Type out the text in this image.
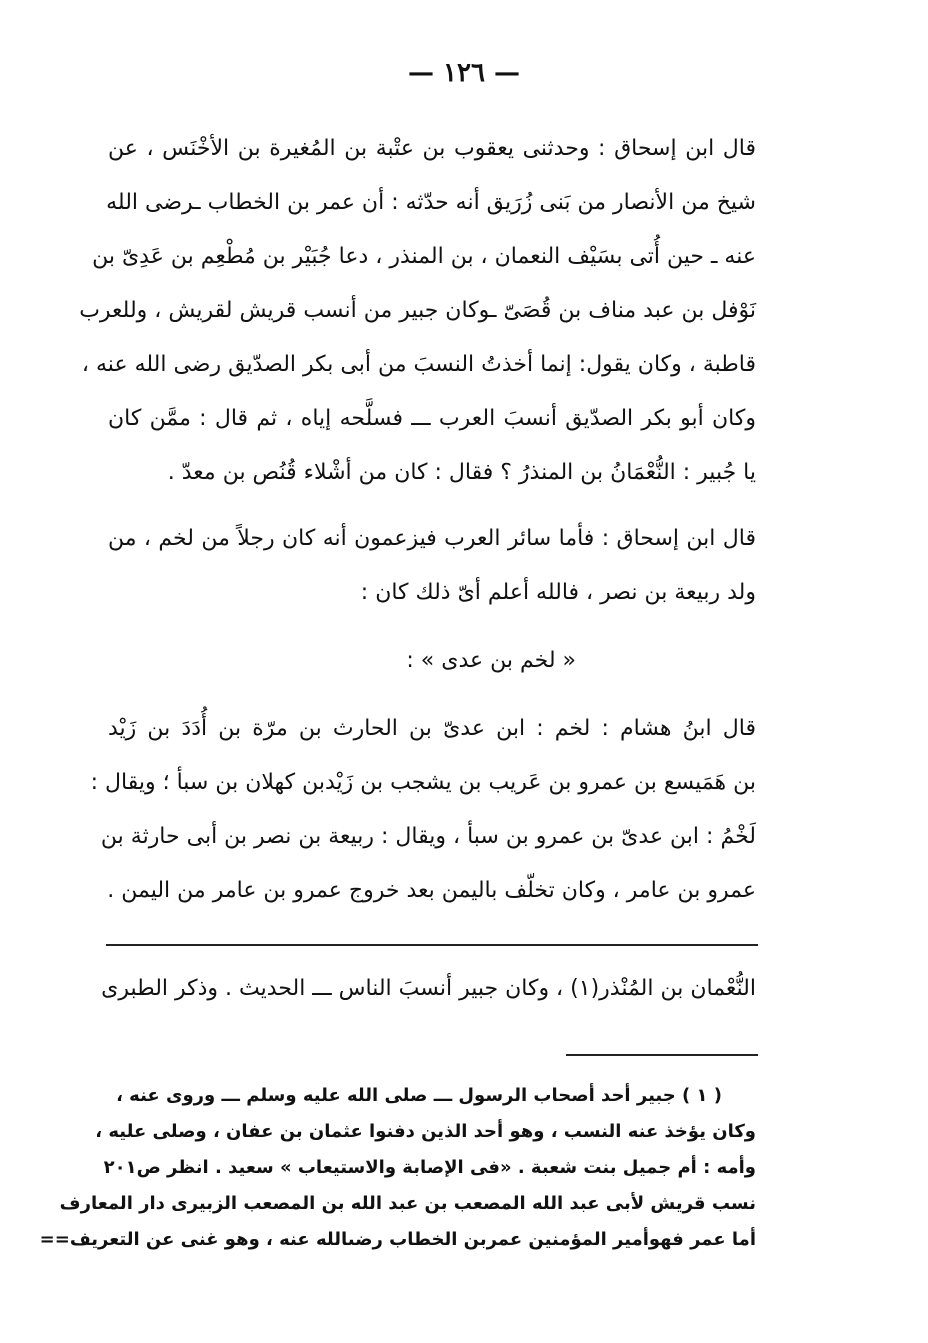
— ١٢٦ —
قال ابن إسحاق : وحدثنى يعقوب بن عتْبة بن المُغيرة بن الأخْنَس ، عن
شيخ من الأنصار من بَنى زُرَيق أنه حدّثه : أن عمر بن الخطاب ـرضى الله
عنه ـ حين أُتى بسَيْف النعمان ، بن المنذر ، دعا جُبَيْر بن مُطْعِم بن عَدِىّ بن
نَوْفل بن عبد مناف بن قُصَىّ ـوكان جبير من أنسب قريش لقريش ، وللعرب
قاطبة ، وكان يقول: إنما أخذتُ النسبَ من أبى بكر الصدّيق رضى الله عنه ،
وكان أبو بكر الصدّيق أنسبَ العرب ـــ فسلَّحه إياه ، ثم قال : ممَّن كان
يا جُبير : النُّعْمَانُ بن المنذرُ ؟ فقال : كان من أشْلاء قُنُص بن معدّ .
قال ابن إسحاق : فأما سائر العرب فيزعمون أنه كان رجلاً من لخم ، من
ولد ربيعة بن نصر ، فالله أعلم أىّ ذلك كان :
« لخم بن عدى » :
قال ابنُ هشام : لخم : ابن عدىّ بن الحارث بن مرّة بن أُدَدَ بن زَيْد
بن هَمَيسع بن عمرو بن عَريب بن يشجب بن زَيْدبن كهلان بن سبأ ؛ ويقال :
لَخْمُ : ابن عدىّ بن عمرو بن سبأ ، ويقال : ربيعة بن نصر بن أبى حارثة بن
عمرو بن عامر ، وكان تخلّف باليمن بعد خروج عمرو بن عامر من اليمن .
النُّعْمان بن المُنْذر(١) ، وكان جبير أنسبَ الناس ـــ الحديث . وذكر الطبرى
( ١ ) جبير أحد أصحاب الرسول ـــ صلى الله عليه وسلم ـــ وروى عنه ،
وكان يؤخذ عنه النسب ، وهو أحد الذين دفنوا عثمان بن عفان ، وصلى عليه ،
وأمه : أم جميل بنت شعبة . «فى الإصابة والاستيعاب » سعيد . انظر ص٢٠١
نسب قريش لأبى عبد الله المصعب بن عبد الله بن المصعب الزبيرى دار المعارف
أما عمر فهوأمير المؤمنين عمربن الخطاب رضىالله عنه ، وهو غنى عن التعريف==
